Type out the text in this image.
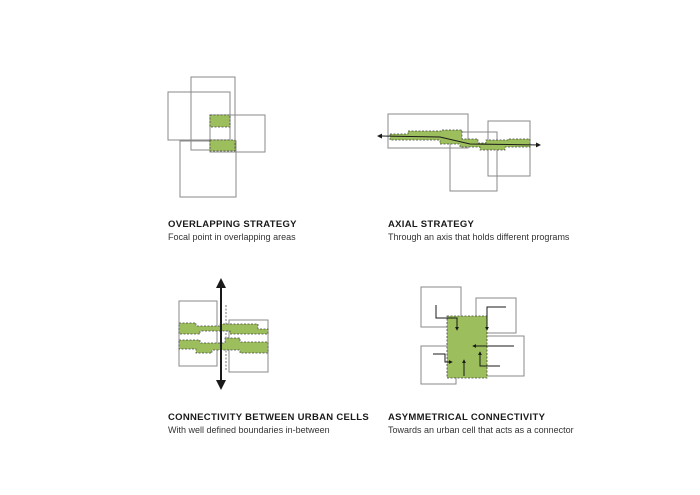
OVERLAPPING STRATEGY
Focal point in overlapping areas
AXIAL STRATEGY
Through an axis that holds different programs
CONNECTIVITY BETWEEN URBAN CELLS
With well defined boundaries in-between
ASYMMETRICAL CONNECTIVITY
Towards an urban cell that acts as a connector
